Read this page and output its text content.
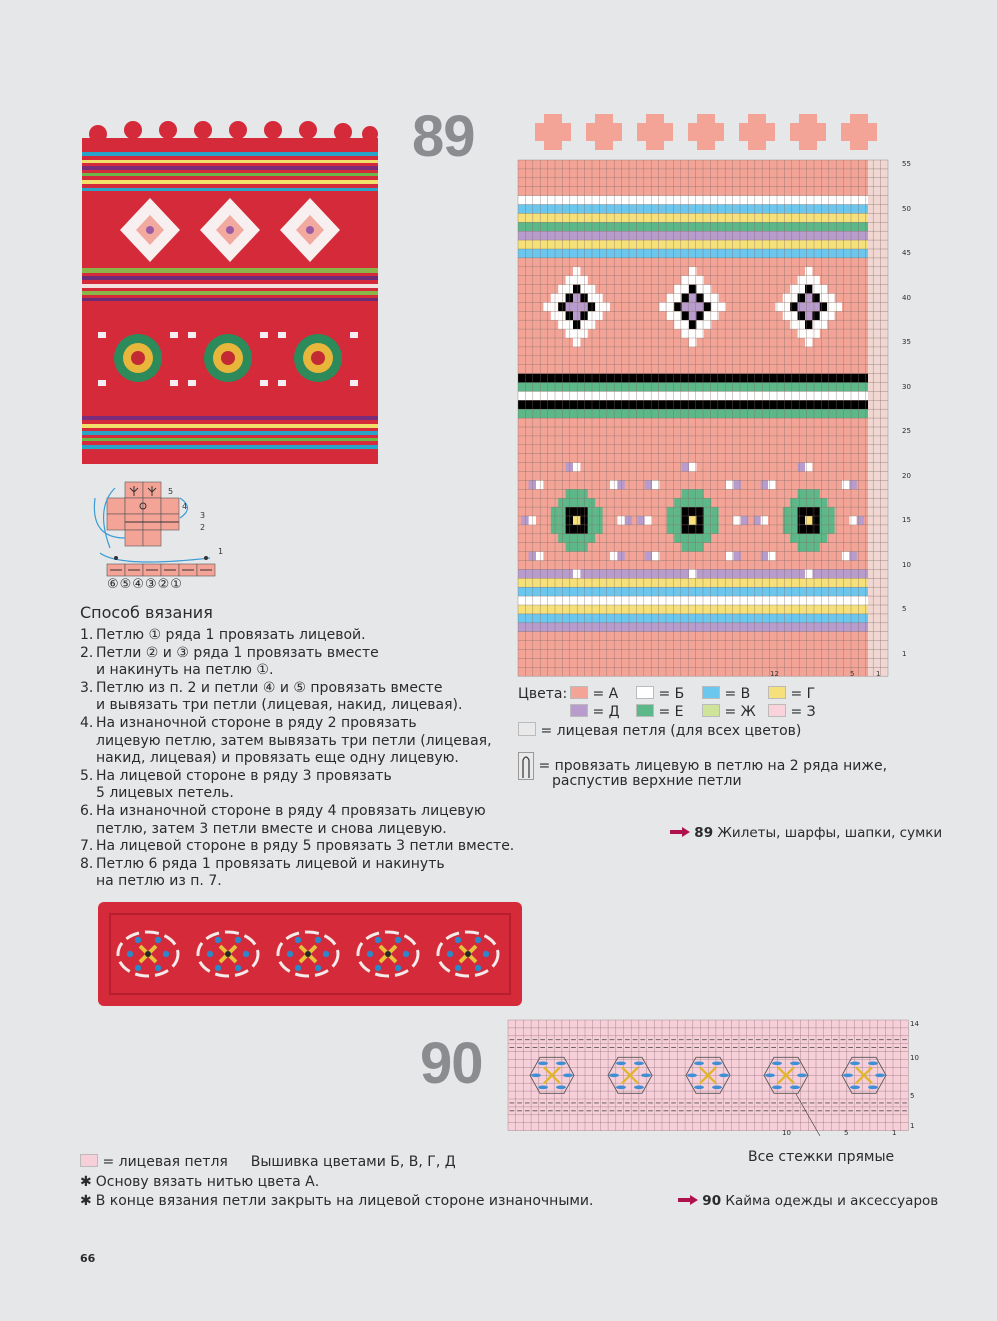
89	55
50
45
40
35
30
25
20
15
10
5
1
12	5	1
Цвета:	= А	= Б	= В	= Г
= Д	= Е	= Ж	= З
= лицевая петля (для всех цветов)
= провязать лицевую в петлю на 2 ряда ниже,
распустив верхние петли
89 Жилеты, шарфы, шапки, сумки
5
4
3
2
1
⑥⑤④③②①
Способ вязания
1. Петлю ① ряда 1 провязать лицевой.
2. Петли ② и ③ ряда 1 провязать вместе
и накинуть на петлю ①.
3. Петлю из п. 2 и петли ④ и ⑤ провязать вместе
и вывязать три петли (лицевая, накид, лицевая).
4. На изнаночной стороне в ряду 2 провязать
лицевую петлю, затем вывязать три петли (лицевая,
накид, лицевая) и провязать еще одну лицевую.
5. На лицевой стороне в ряду 3 провязать
5 лицевых петель.
6. На изнаночной стороне в ряду 4 провязать лицевую
петлю, затем 3 петли вместе и снова лицевую.
7. На лицевой стороне в ряду 5 провязать 3 петли вместе.
8. Петлю 6 ряда 1 провязать лицевой и накинуть
на петлю из п. 7.
90
14
10
5
1
10	5	1
Все стежки прямые
= лицевая петля Вышивка цветами Б, В, Г, Д
✱ Основу вязать нитью цвета А.
✱ В конце вязания петли закрыть на лицевой стороне изнаночными.	90 Кайма одежды и аксессуаров
66
